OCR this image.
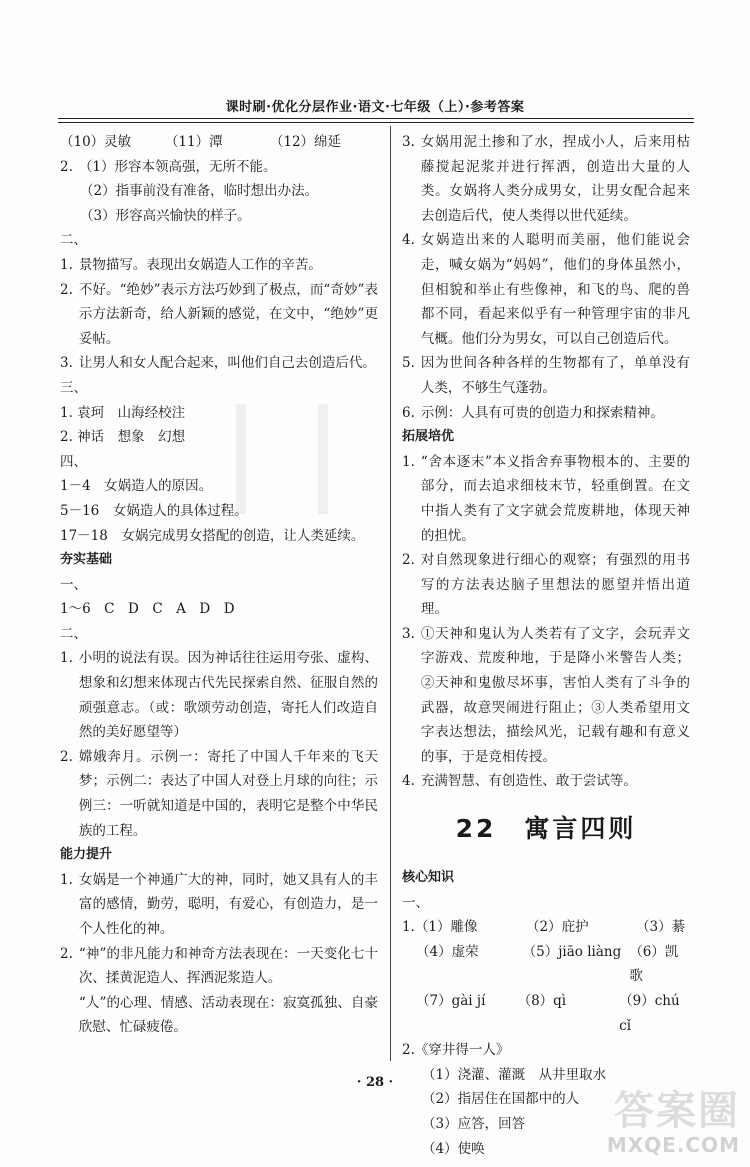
课时刷·优化分层作业·语文·七年级（上）·参考答案
（10）灵敏　　　（11）潭　　　　（12）绵延
2. （1）形容本领高强，无所不能。
（2）指事前没有准备，临时想出办法。
（3）形容高兴愉快的样子。
二、
1. 景物描写。表现出女娲造人工作的辛苦。
2. 不好。“绝妙”表示方法巧妙到了极点，而“奇妙”表示方法新奇，给人新颖的感觉，在文中，“绝妙”更妥帖。
3. 让男人和女人配合起来，叫他们自己去创造后代。
三、
1. 袁珂　山海经校注
2. 神话　想象　幻想
四、
1－4　女娲造人的原因。
5－16　女娲造人的具体过程。
17－18　女娲完成男女搭配的创造，让人类延续。
夯实基础
一、
1～6　C　D　C　A　D　D
二、
1. 小明的说法有误。因为神话往往运用夸张、虚构、想象和幻想来体现古代先民探索自然、征服自然的顽强意志。（或：歌颂劳动创造，寄托人们改造自然的美好愿望等）
2. 嫦娥奔月。示例一：寄托了中国人千年来的飞天梦；示例二：表达了中国人对登上月球的向往；示例三：一听就知道是中国的，表明它是整个中华民族的工程。
能力提升
1. 女娲是一个神通广大的神，同时，她又具有人的丰富的感情，勤劳，聪明，有爱心，有创造力，是一个人性化的神。
2. “神”的非凡能力和神奇方法表现在：一天变化七十次、揉黄泥造人、挥洒泥浆造人。
“人”的心理、情感、活动表现在：寂寞孤独、自豪欣慰、忙碌疲倦。
3. 女娲用泥土掺和了水，捏成小人，后来用枯藤搅起泥浆并进行挥洒，创造出大量的人类。女娲将人类分成男女，让男女配合起来去创造后代，使人类得以世代延续。
4. 女娲造出来的人聪明而美丽，他们能说会走，喊女娲为“妈妈”，他们的身体虽然小，但相貌和举止有些像神，和飞的鸟、爬的兽都不同，看起来似乎有一种管理宇宙的非凡气概。他们分为男女，可以自己创造后代。
5. 因为世间各种各样的生物都有了，单单没有人类，不够生气蓬勃。
6. 示例：人具有可贵的创造力和探索精神。
拓展培优
1. “舍本逐末”本义指舍弃事物根本的、主要的部分，而去追求细枝末节，轻重倒置。在文中指人类有了文字就会荒废耕地，体现天神的担忧。
2. 对自然现象进行细心的观察；有强烈的用书写的方法表达脑子里想法的愿望并悟出道理。
3. ①天神和鬼认为人类若有了文字，会玩弄文字游戏、荒废种地，于是降小米警告人类；②天神和鬼傲尽坏事，害怕人类有了斗争的武器，故意哭闹进行阻止；③人类希望用文字表达想法，描绘风光，记载有趣和有意义的事，于是竞相传授。
4. 充满智慧、有创造性、敢于尝试等。
22　寓言四则
核心知识
一、
1.（1）雕像	（2）庇护	（3）綦
（4）虚荣	（5）jiāo liàng （6）凯歌
（7）gài jí	（8）qì	（9）chú cǐ
2.《穿井得一人》
（1）浇灌、灌溉　从井里取水
（2）指居住在国都中的人
（3）应答，回答
（4）使唤
· 28 ·
答案圈
MXQE.COM
